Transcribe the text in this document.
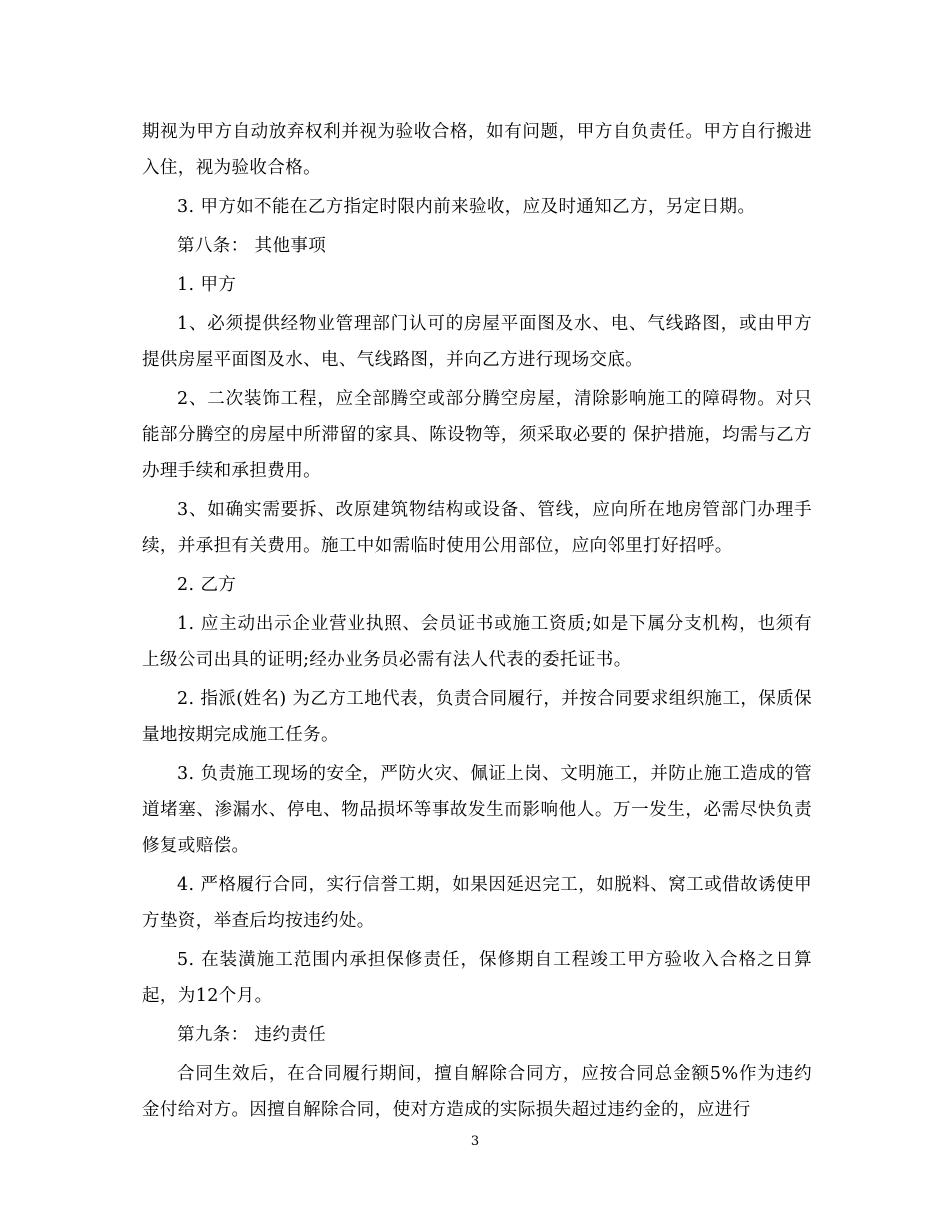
期视为甲方自动放弃权利并视为验收合格，如有问题，甲方自负责任。甲方自行搬进入住，视为验收合格。

3. 甲方如不能在乙方指定时限内前来验收，应及时通知乙方，另定日期。

第八条： 其他事项

1. 甲方

1、必须提供经物业管理部门认可的房屋平面图及水、电、气线路图，或由甲方提供房屋平面图及水、电、气线路图，并向乙方进行现场交底。

2、二次装饰工程，应全部腾空或部分腾空房屋，清除影响施工的障碍物。对只能部分腾空的房屋中所滞留的家具、陈设物等，须采取必要的 保护措施，均需与乙方办理手续和承担费用。

3、如确实需要拆、改原建筑物结构或设备、管线，应向所在地房管部门办理手续，并承担有关费用。施工中如需临时使用公用部位，应向邻里打好招呼。

2. 乙方

1. 应主动出示企业营业执照、会员证书或施工资质;如是下属分支机构，也须有上级公司出具的证明;经办业务员必需有法人代表的委托证书。

2. 指派(姓名) 为乙方工地代表，负责合同履行，并按合同要求组织施工，保质保量地按期完成施工任务。

3. 负责施工现场的安全，严防火灾、佩证上岗、文明施工，并防止施工造成的管道堵塞、渗漏水、停电、物品损坏等事故发生而影响他人。万一发生，必需尽快负责修复或赔偿。

4. 严格履行合同，实行信誉工期，如果因延迟完工，如脱料、窝工或借故诱使甲方垫资，举查后均按违约处。

5. 在装潢施工范围内承担保修责任，保修期自工程竣工甲方验收入合格之日算起，为12个月。

第九条： 违约责任

合同生效后，在合同履行期间，擅自解除合同方，应按合同总金额5%作为违约金付给对方。因擅自解除合同，使对方造成的实际损失超过违约金的，应进行

3
